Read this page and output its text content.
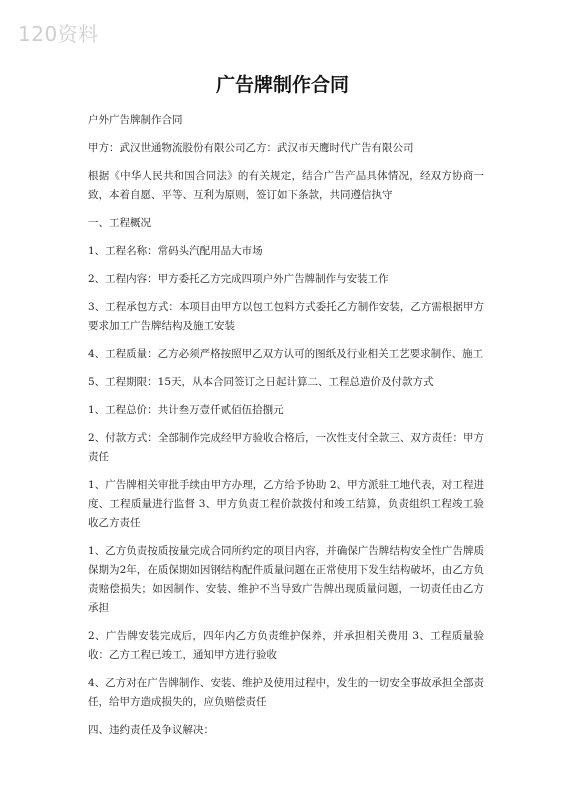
120资料
广告牌制作合同

户外广告牌制作合同

甲方：武汉世通物流股份有限公司乙方：武汉市天鹰时代广告有限公司

根据《中华人民共和国合同法》的有关规定，结合广告产品具体情况，经双方协商一致，本着自愿、平等、互利为原则，签订如下条款，共同遵信执守

一、工程概况

1、工程名称：常码头汽配用品大市场

2、工程内容：甲方委托乙方完成四项户外广告牌制作与安装工作

3、工程承包方式：本项目由甲方以包工包料方式委托乙方制作安装，乙方需根据甲方要求加工广告牌结构及施工安装

4、工程质量：乙方必须严格按照甲乙双方认可的图纸及行业相关工艺要求制作、施工

5、工程期限：15天，从本合同签订之日起计算二、工程总造价及付款方式

1、工程总价：共计叁万壹仟贰佰伍拾捌元

2、付款方式：全部制作完成经甲方验收合格后，一次性支付全款三、双方责任：甲方责任

1、广告牌相关审批手续由甲方办理，乙方给予协助 2、甲方派驻工地代表，对工程进度、工程质量进行监督 3、甲方负责工程价款拨付和竣工结算，负责组织工程竣工验收乙方责任

1、乙方负责按质按量完成合同所约定的项目内容，并确保广告牌结构安全性广告牌质保期为2年，在质保期如因钢结构配件质量问题在正常使用下发生结构破坏，由乙方负责赔偿损失；如因制作、安装、维护不当导致广告牌出现质量问题，一切责任由乙方承担

2、广告牌安装完成后，四年内乙方负责维护保养，并承担相关费用 3、工程质量验收：乙方工程已竣工，通知甲方进行验收

4、乙方对在广告牌制作、安装、维护及使用过程中，发生的一切安全事故承担全部责任，给甲方造成损失的，应负赔偿责任

四、违约责任及争议解决：
